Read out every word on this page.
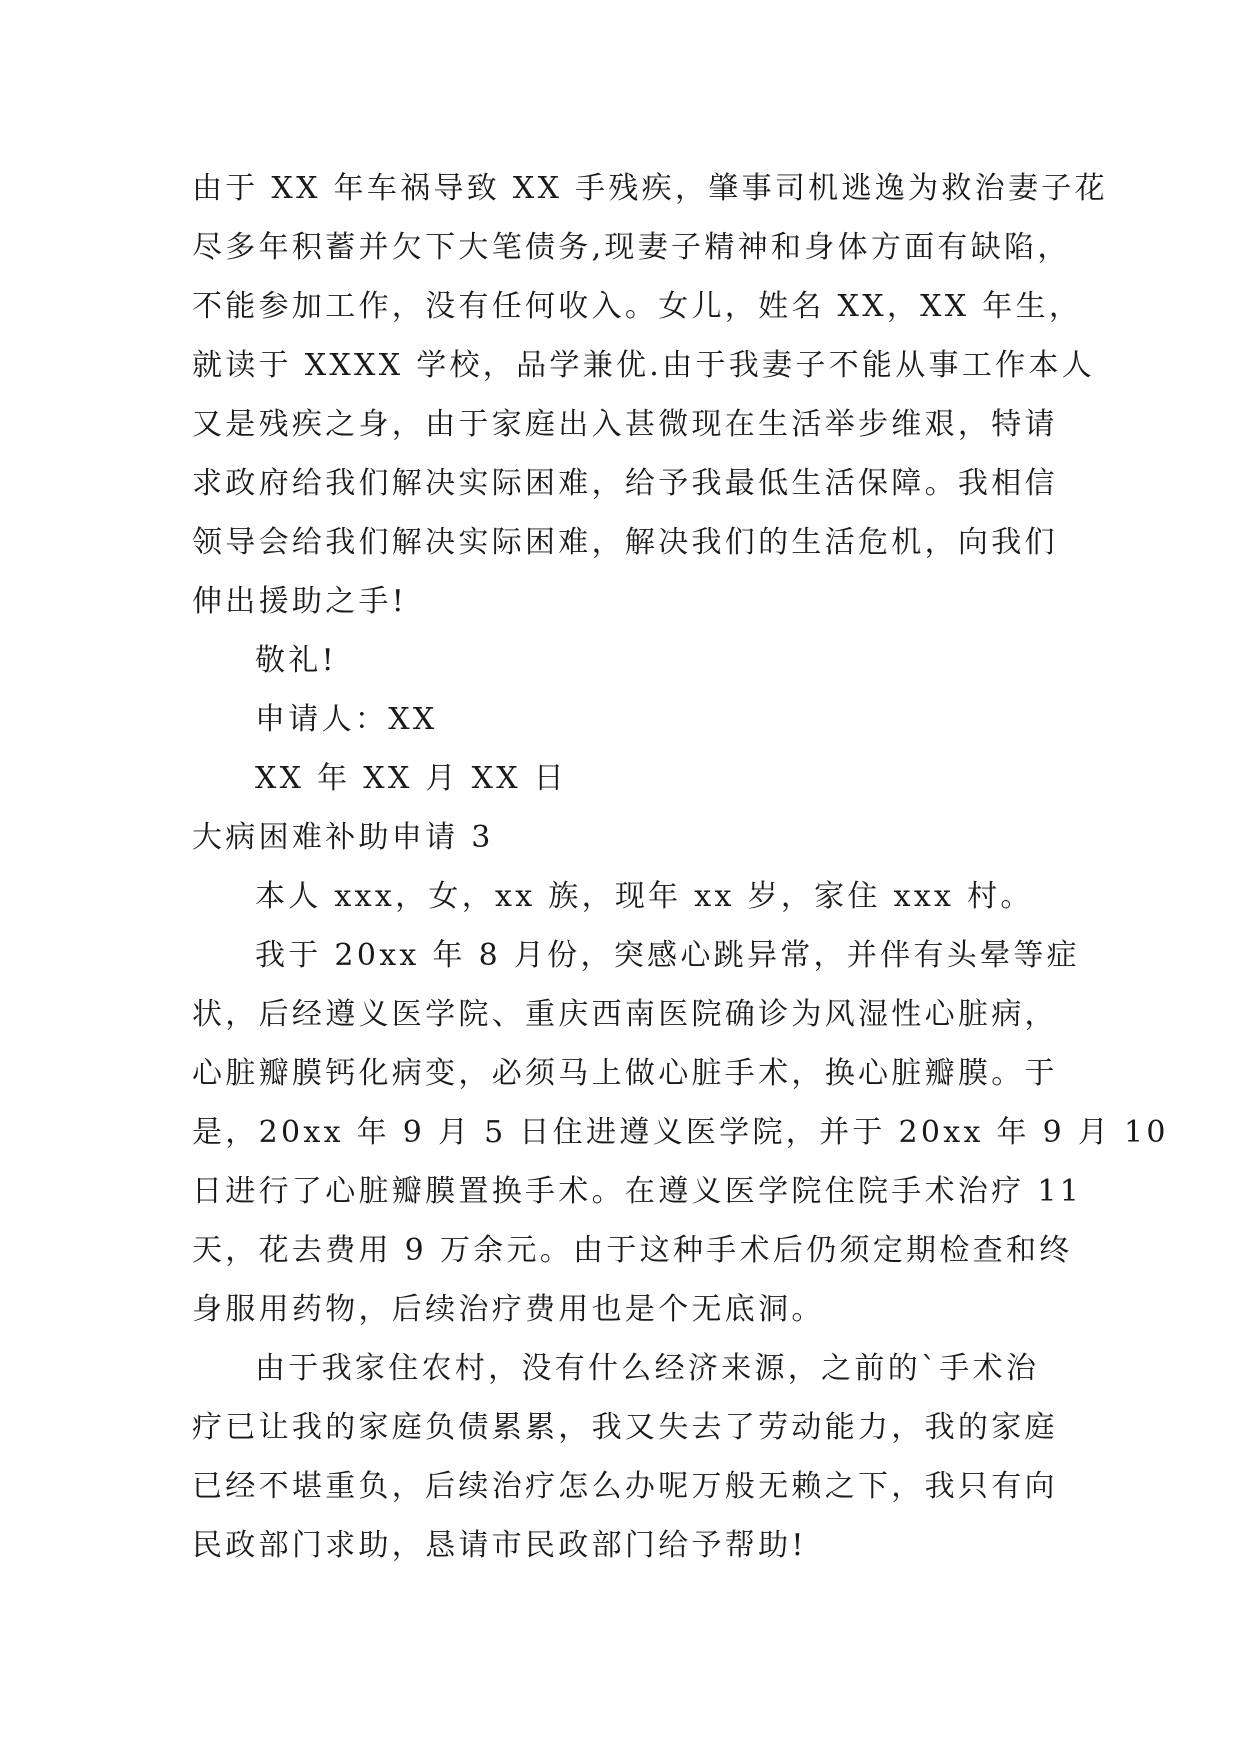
由于 XX 年车祸导致 XX 手残疾，肇事司机逃逸为救治妻子花
尽多年积蓄并欠下大笔债务,现妻子精神和身体方面有缺陷，
不能参加工作，没有任何收入。女儿，姓名 XX，XX 年生，
就读于 XXXX 学校，品学兼优.由于我妻子不能从事工作本人
又是残疾之身，由于家庭出入甚微现在生活举步维艰，特请
求政府给我们解决实际困难，给予我最低生活保障。我相信
领导会给我们解决实际困难，解决我们的生活危机，向我们
伸出援助之手!
敬礼!
申请人：XX
XX 年 XX 月 XX 日
大病困难补助申请 3
本人 xxx，女，xx 族，现年 xx 岁，家住 xxx 村。
我于 20xx 年 8 月份，突感心跳异常，并伴有头晕等症
状，后经遵义医学院、重庆西南医院确诊为风湿性心脏病，
心脏瓣膜钙化病变，必须马上做心脏手术，换心脏瓣膜。于
是，20xx 年 9 月 5 日住进遵义医学院，并于 20xx 年 9 月 10
日进行了心脏瓣膜置换手术。在遵义医学院住院手术治疗 11
天，花去费用 9 万余元。由于这种手术后仍须定期检查和终
身服用药物，后续治疗费用也是个无底洞。
由于我家住农村，没有什么经济来源，之前的`手术治
疗已让我的家庭负债累累，我又失去了劳动能力，我的家庭
已经不堪重负，后续治疗怎么办呢万般无赖之下，我只有向
民政部门求助，恳请市民政部门给予帮助!
